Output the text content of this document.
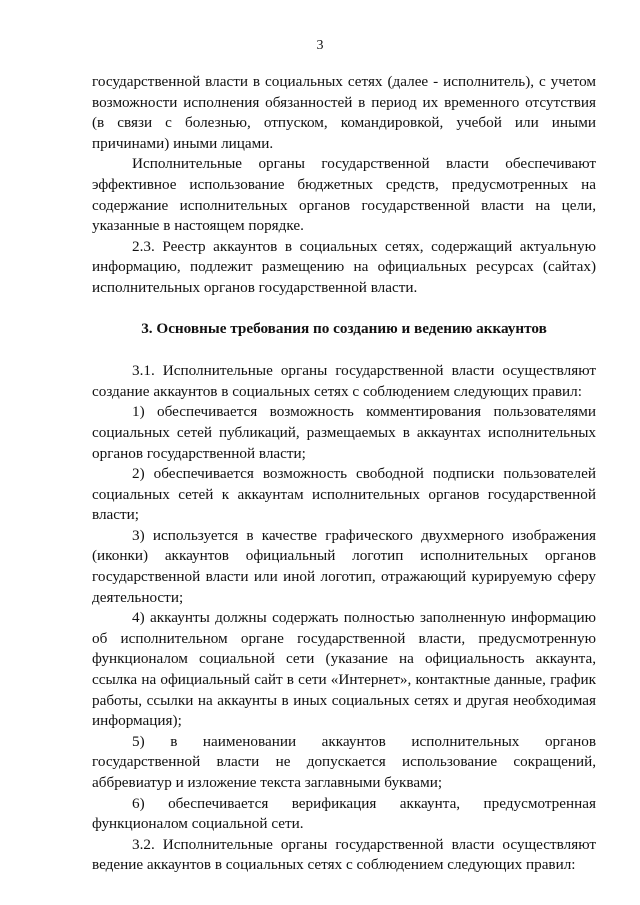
3

государственной власти в социальных сетях (далее - исполнитель), с учетом возможности исполнения обязанностей в период их временного отсутствия (в связи с болезнью, отпуском, командировкой, учебой или иными причинами) иными лицами.

Исполнительные органы государственной власти обеспечивают эффективное использование бюджетных средств, предусмотренных на содержание исполнительных органов государственной власти на цели, указанные в настоящем порядке.

2.3. Реестр аккаунтов в социальных сетях, содержащий актуальную информацию, подлежит размещению на официальных ресурсах (сайтах) исполнительных органов государственной власти.

3. Основные требования по созданию и ведению аккаунтов

3.1. Исполнительные органы государственной власти осуществляют создание аккаунтов в социальных сетях с соблюдением следующих правил:

1) обеспечивается возможность комментирования пользователями социальных сетей публикаций, размещаемых в аккаунтах исполнительных органов государственной власти;

2) обеспечивается возможность свободной подписки пользователей социальных сетей к аккаунтам исполнительных органов государственной власти;

3) используется в качестве графического двухмерного изображения (иконки) аккаунтов официальный логотип исполнительных органов государственной власти или иной логотип, отражающий курируемую сферу деятельности;

4) аккаунты должны содержать полностью заполненную информацию об исполнительном органе государственной власти, предусмотренную функционалом социальной сети (указание на официальность аккаунта, ссылка на официальный сайт в сети «Интернет», контактные данные, график работы, ссылки на аккаунты в иных социальных сетях и другая необходимая информация);

5) в наименовании аккаунтов исполнительных органов государственной власти не допускается использование сокращений, аббревиатур и изложение текста заглавными буквами;

6) обеспечивается верификация аккаунта, предусмотренная функционалом социальной сети.

3.2. Исполнительные органы государственной власти осуществляют ведение аккаунтов в социальных сетях с соблюдением следующих правил:
